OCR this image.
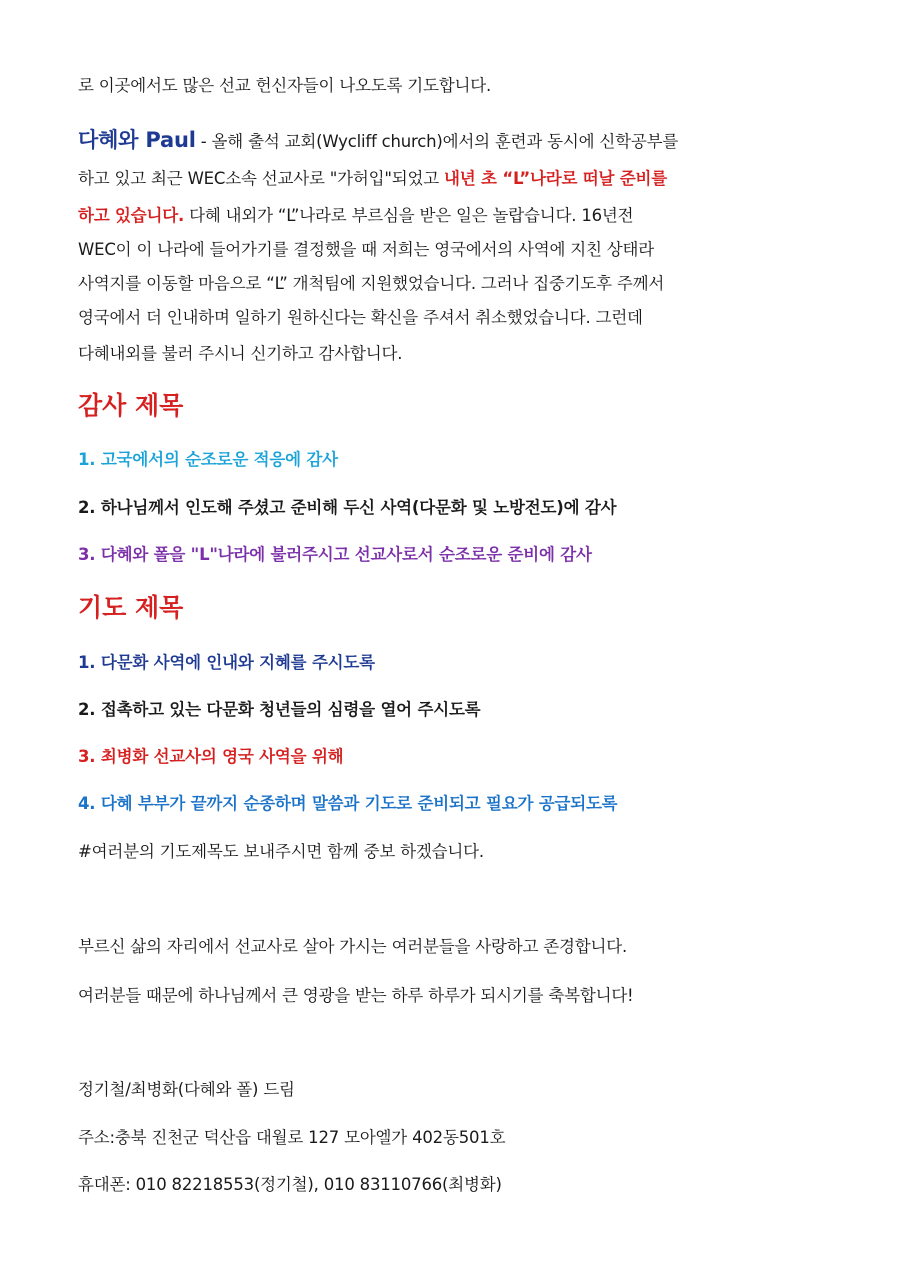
로 이곳에서도 많은 선교 헌신자들이 나오도록 기도합니다.
다혜와 Paul - 올해 출석 교회(Wycliff church)에서의 훈련과 동시에 신학공부를
하고 있고 최근 WEC소속 선교사로 "가허입"되었고 내년 초 “L”나라로 떠날 준비를
하고 있습니다. 다혜 내외가 “L”나라로 부르심을 받은 일은 놀랍습니다. 16년전
WEC이 이 나라에 들어가기를 결정했을 때 저희는 영국에서의 사역에 지친 상태라
사역지를 이동할 마음으로 “L” 개척팀에 지원했었습니다. 그러나 집중기도후 주께서
영국에서 더 인내하며 일하기 원하신다는 확신을 주셔서 취소했었습니다. 그런데
다혜내외를 불러 주시니 신기하고 감사합니다.
감사 제목
1. 고국에서의 순조로운 적응에 감사
2. 하나님께서 인도해 주셨고 준비해 두신 사역(다문화 및 노방전도)에 감사
3. 다혜와 폴을 "L"나라에 불러주시고 선교사로서 순조로운 준비에 감사
기도 제목
1. 다문화 사역에 인내와 지혜를 주시도록
2. 접촉하고 있는 다문화 청년들의 심령을 열어 주시도록
3. 최병화 선교사의 영국 사역을 위해
4. 다혜 부부가 끝까지 순종하며 말씀과 기도로 준비되고 필요가 공급되도록
#여러분의 기도제목도 보내주시면 함께 중보 하겠습니다.
부르신 삶의 자리에서 선교사로 살아 가시는 여러분들을 사랑하고 존경합니다.
여러분들 때문에 하나님께서 큰 영광을 받는 하루 하루가 되시기를 축복합니다!
정기철/최병화(다혜와 폴) 드림
주소:충북 진천군 덕산읍 대월로 127 모아엘가 402동501호
휴대폰: 010 82218553(정기철), 010 83110766(최병화)
